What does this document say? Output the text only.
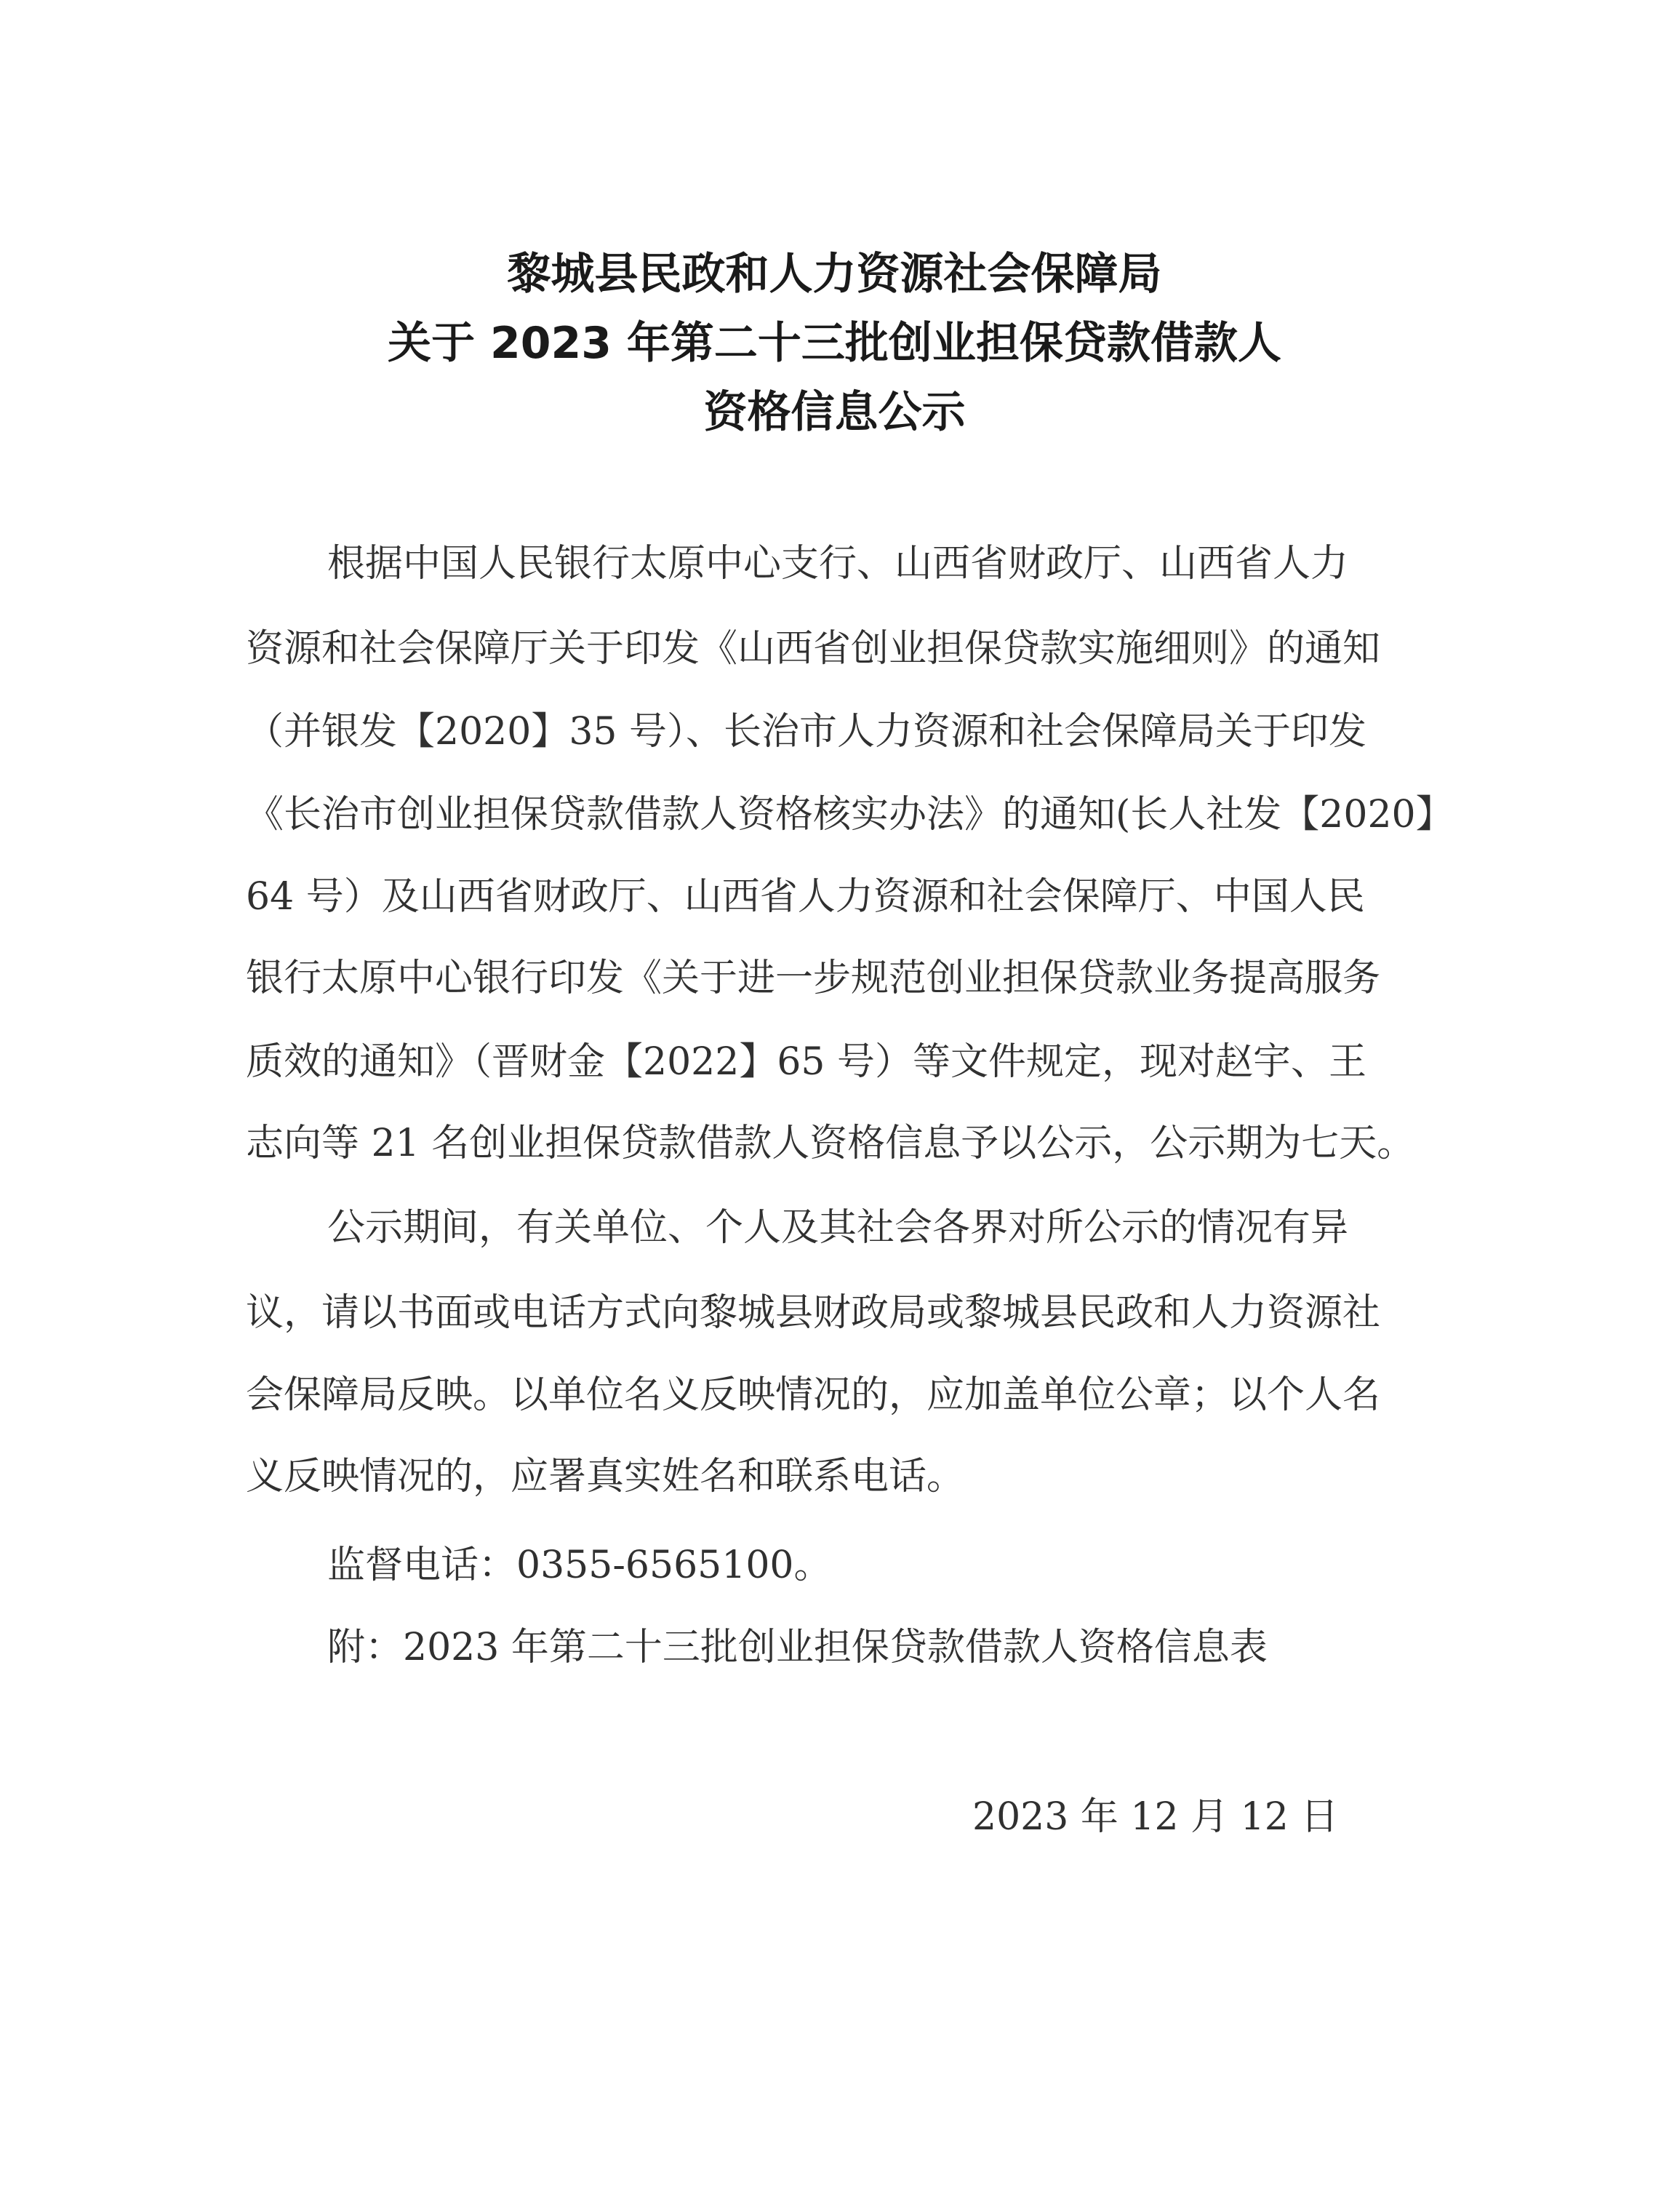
黎城县民政和人力资源社会保障局
关于 2023 年第二十三批创业担保贷款借款人
资格信息公示
根据中国人民银行太原中心支行、山西省财政厅、山西省人力
资源和社会保障厅关于印发《山西省创业担保贷款实施细则》的通知
（并银发【2020】35 号）、长治市人力资源和社会保障局关于印发
《长治市创业担保贷款借款人资格核实办法》的通知(长人社发【2020】
64 号）及山西省财政厅、山西省人力资源和社会保障厅、中国人民
银行太原中心银行印发《关于进一步规范创业担保贷款业务提高服务
质效的通知》（晋财金【2022】65 号）等文件规定，现对赵宇、王
志向等 21 名创业担保贷款借款人资格信息予以公示，公示期为七天。
公示期间，有关单位、个人及其社会各界对所公示的情况有异
议，请以书面或电话方式向黎城县财政局或黎城县民政和人力资源社
会保障局反映。以单位名义反映情况的，应加盖单位公章；以个人名
义反映情况的，应署真实姓名和联系电话。
监督电话：0355-6565100。
附：2023 年第二十三批创业担保贷款借款人资格信息表
2023 年 12 月 12 日
